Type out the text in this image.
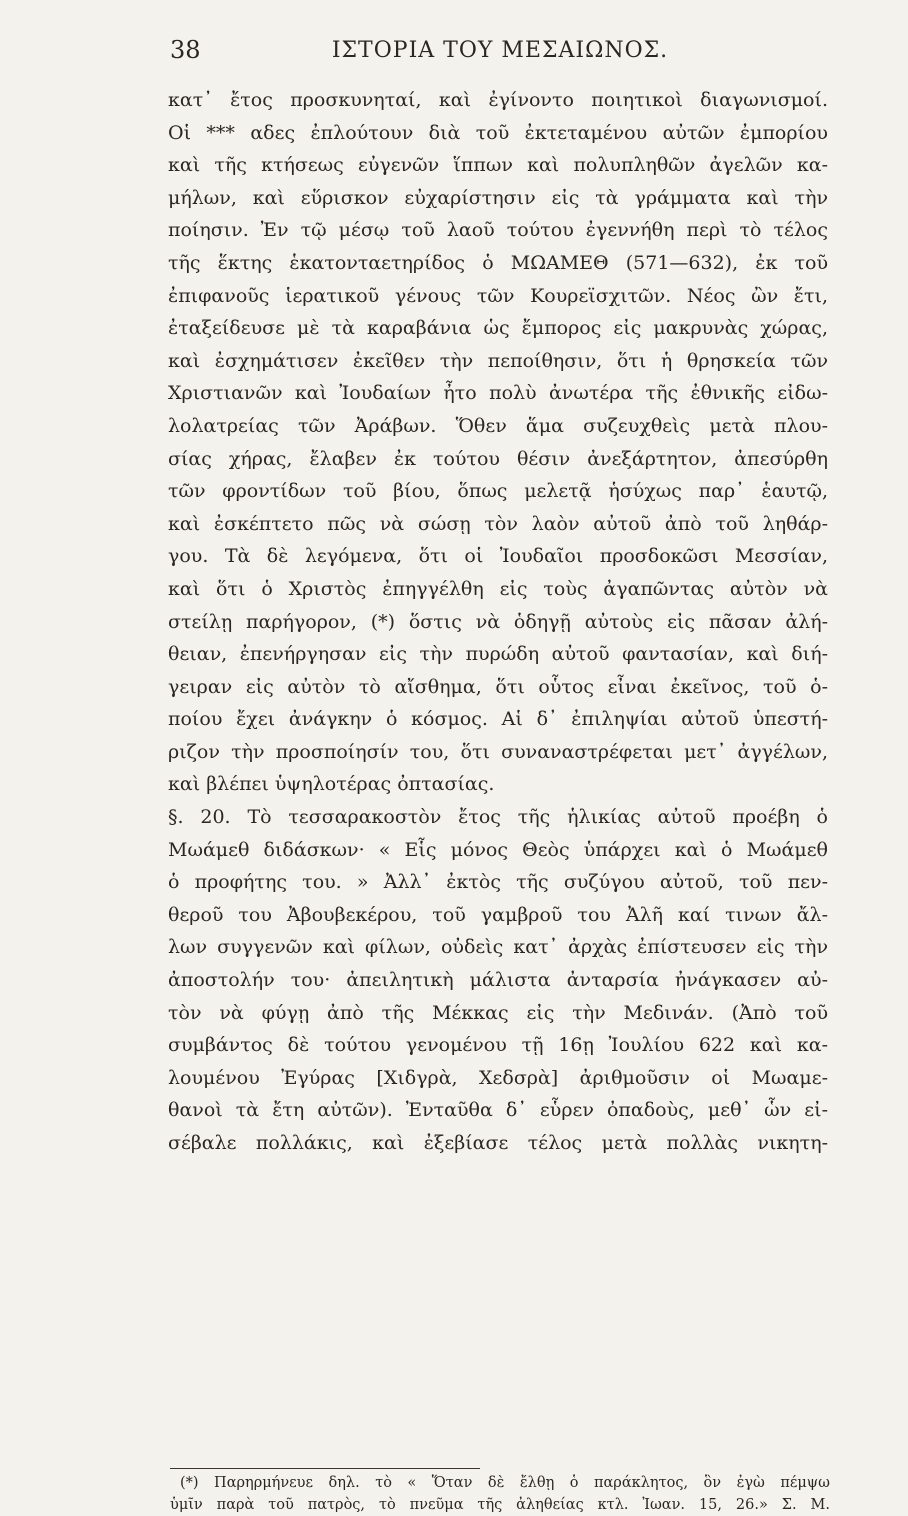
38	ΙΣΤΟΡΙΑ ΤΟΥ ΜΕΣΑΙΩΝΟΣ.
κατ᾽ ἔτος προσκυνηταί, καὶ ἐγίνοντο ποιητικοὶ διαγωνισμοί.
Οἱ *** αδες ἐπλούτουν διὰ τοῦ ἐκτεταμένου αὐτῶν ἐμπορίου
καὶ τῆς κτήσεως εὐγενῶν ἵππων καὶ πολυπληθῶν ἀγελῶν κα-
μήλων, καὶ εὕρισκον εὐχαρίστησιν εἰς τὰ γράμματα καὶ τὴν
ποίησιν. Ἐν τῷ μέσῳ τοῦ λαοῦ τούτου ἐγεννήθη περὶ τὸ τέλος
τῆς ἕκτης ἑκατονταετηρίδος ὁ ΜΩΑΜΕΘ (571—632), ἐκ τοῦ
ἐπιφανοῦς ἱερατικοῦ γένους τῶν Κουρεϊσχιτῶν. Νέος ὢν ἔτι,
ἐταξείδευσε μὲ τὰ καραβάνια ὡς ἔμπορος εἰς μακρυνὰς χώρας,
καὶ ἐσχημάτισεν ἐκεῖθεν τὴν πεποίθησιν, ὅτι ἡ θρησκεία τῶν
Χριστιανῶν καὶ Ἰουδαίων ἦτο πολὺ ἀνωτέρα τῆς ἐθνικῆς εἰδω-
λολατρείας τῶν Ἀράβων. Ὅθεν ἅμα συζευχθεὶς μετὰ πλου-
σίας χήρας, ἔλαβεν ἐκ τούτου θέσιν ἀνεξάρτητον, ἀπεσύρθη
τῶν φροντίδων τοῦ βίου, ὅπως μελετᾷ ἡσύχως παρ᾽ ἑαυτῷ,
καὶ ἐσκέπτετο πῶς νὰ σώσῃ τὸν λαὸν αὐτοῦ ἀπὸ τοῦ ληθάρ-
γου. Τὰ δὲ λεγόμενα, ὅτι οἱ Ἰουδαῖοι προσδοκῶσι Μεσσίαν,
καὶ ὅτι ὁ Χριστὸς ἐπηγγέλθη εἰς τοὺς ἀγαπῶντας αὐτὸν νὰ
στείλῃ παρήγορον, (*) ὅστις νὰ ὁδηγῇ αὐτοὺς εἰς πᾶσαν ἀλή-
θειαν, ἐπενήργησαν εἰς τὴν πυρώδη αὐτοῦ φαντασίαν, καὶ διή-
γειραν εἰς αὐτὸν τὸ αἴσθημα, ὅτι οὗτος εἶναι ἐκεῖνος, τοῦ ὁ-
ποίου ἔχει ἀνάγκην ὁ κόσμος. Αἱ δ᾽ ἐπιληψίαι αὐτοῦ ὑπεστή-
ριζον τὴν προσποίησίν του, ὅτι συναναστρέφεται μετ᾽ ἀγγέλων,
καὶ βλέπει ὑψηλοτέρας ὀπτασίας.
§. 20. Τὸ τεσσαρακοστὸν ἔτος τῆς ἡλικίας αὐτοῦ προέβη ὁ
Μωάμεθ διδάσκων· « Εἷς μόνος Θεὸς ὑπάρχει καὶ ὁ Μωάμεθ
ὁ προφήτης του. » Ἀλλ᾽ ἐκτὸς τῆς συζύγου αὐτοῦ, τοῦ πεν-
θεροῦ του Ἀβουβεκέρου, τοῦ γαμβροῦ του Ἀλῆ καί τινων ἄλ-
λων συγγενῶν καὶ φίλων, οὐδεὶς κατ᾽ ἀρχὰς ἐπίστευσεν εἰς τὴν
ἀποστολήν του· ἀπειλητικὴ μάλιστα ἀνταρσία ἠνάγκασεν αὐ-
τὸν νὰ φύγῃ ἀπὸ τῆς Μέκκας εἰς τὴν Μεδινάν. (Ἀπὸ τοῦ
συμβάντος δὲ τούτου γενομένου τῇ 16ῃ Ἰουλίου 622 καὶ κα-
λουμένου Ἐγύρας [Χιδγρὰ, Χεδσρὰ] ἀριθμοῦσιν οἱ Μωαμε-
θανοὶ τὰ ἔτη αὐτῶν). Ἐνταῦθα δ᾽ εὗρεν ὀπαδοὺς, μεθ᾽ ὧν εἰ-
σέβαλε πολλάκις, καὶ ἐξεβίασε τέλος μετὰ πολλὰς νικητη-
(*) Παρηρμήνευε δηλ. τὸ « Ὅταν δὲ ἔλθῃ ὁ παράκλητος, ὃν ἐγὼ πέμψω
ὑμῖν παρὰ τοῦ πατρὸς, τὸ πνεῦμα τῆς ἀληθείας κτλ. Ἰωαν. 15, 26.» Σ. Μ.
